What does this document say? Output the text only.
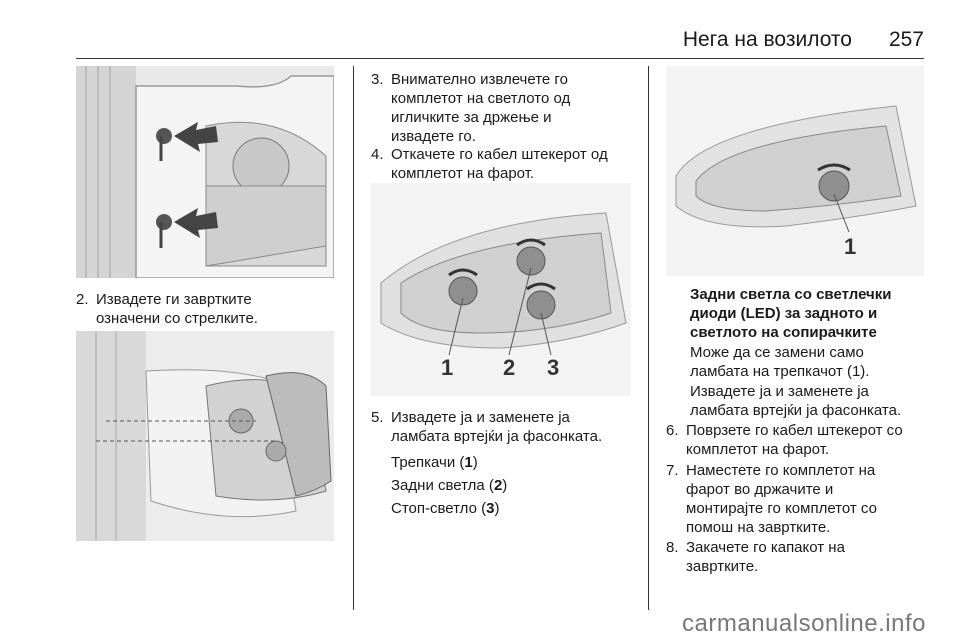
Нега на возилото 257
2. Извадете ги завртките
означени со стрелките.
3. Внимателно извлечете го
комплетот на светлото од
игличките за држење и
извадете го.
4. Откачете го кабел штекерот од
комплетот на фарот.
1 2 3
5. Извадете ја и заменете ја
ламбата вртејќи ја фасонката.
Трепкачи (1)
Задни светла (2)
Стоп-светло (3)
1
Задни светла со светлечки
диоди (LED) за задното и
светлото на сопирачките
Може да се замени само
ламбата на трепкачот (1).
Извадете ја и заменете ја
ламбата вртејќи ја фасонката.
6. Поврзете го кабел штекерот со
комплетот на фарот.
7. Наместете го комплетот на
фарот во држачите и
монтирајте го комплетот со
помош на завртките.
8. Закачете го капакот на
завртките.
carmanualsonline.info
